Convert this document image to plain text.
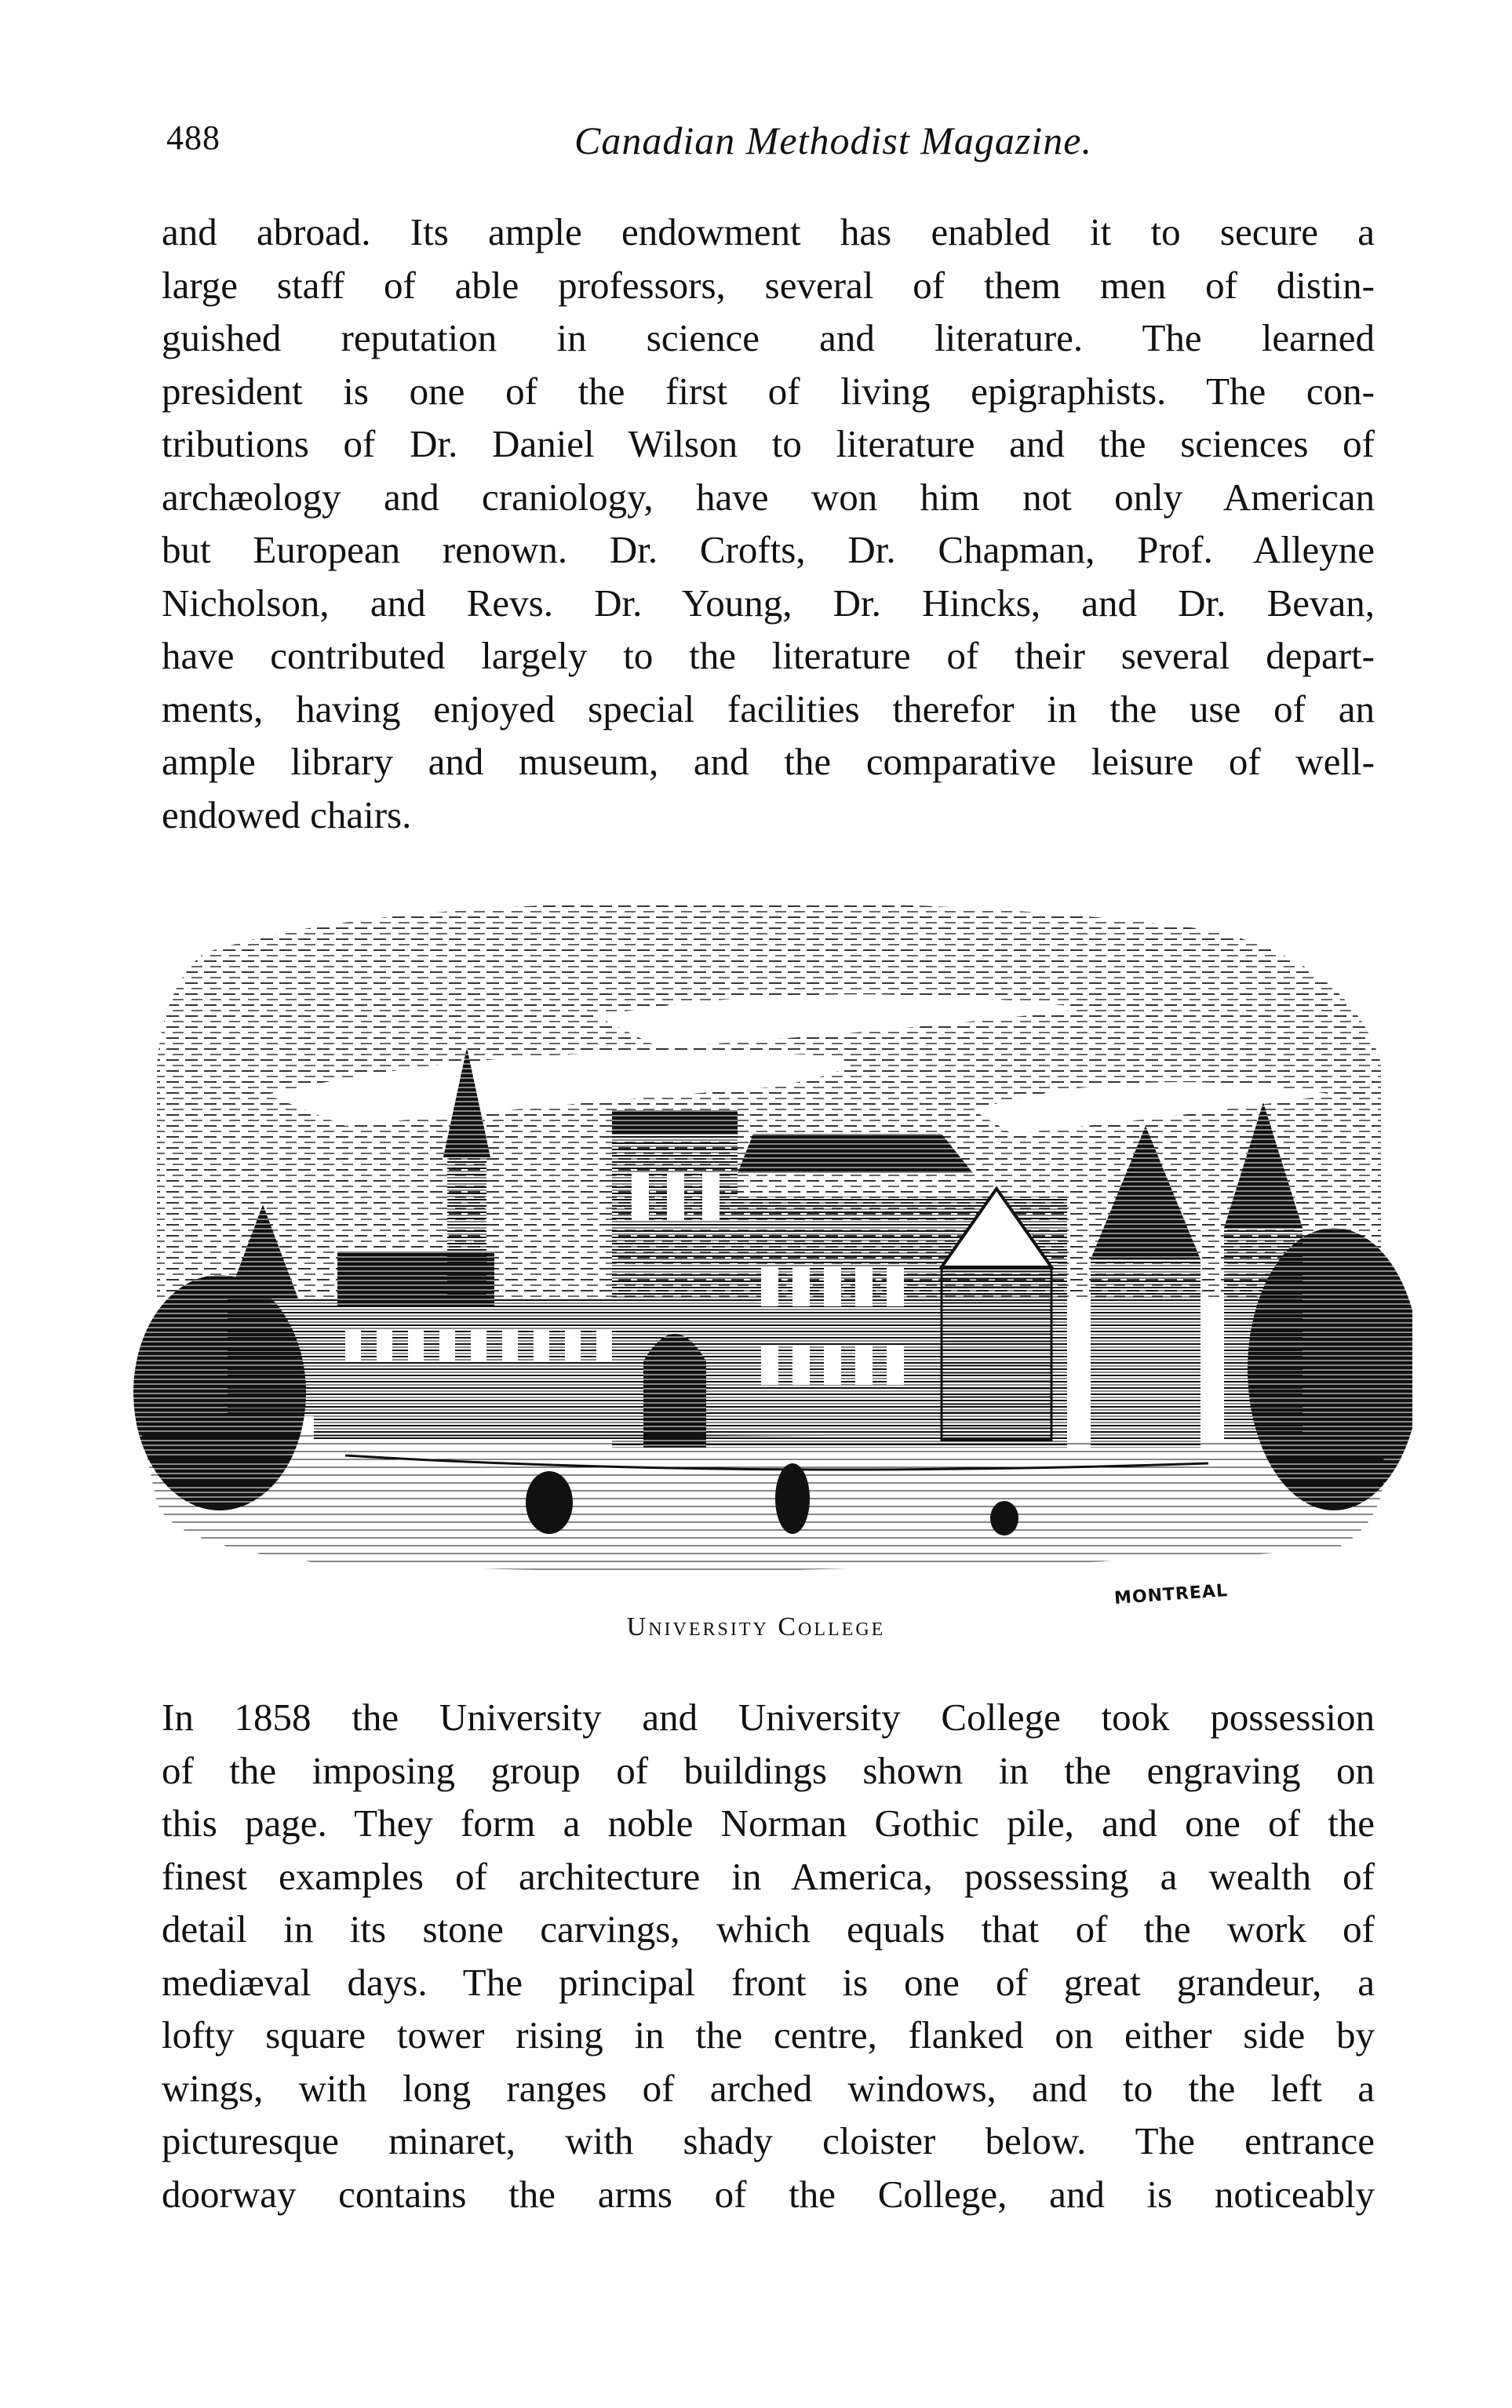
488	Canadian Methodist Magazine.

and abroad. Its ample endowment has enabled it to secure a
large staff of able professors, several of them men of distin-
guished reputation in science and literature. The learned
president is one of the first of living epigraphists. The con-
tributions of Dr. Daniel Wilson to literature and the sciences of
archæology and craniology, have won him not only American
but European renown. Dr. Crofts, Dr. Chapman, Prof. Alleyne
Nicholson, and Revs. Dr. Young, Dr. Hincks, and Dr. Bevan,
have contributed largely to the literature of their several depart-
ments, having enjoyed special facilities therefor in the use of an
ample library and museum, and the comparative leisure of well-
endowed chairs.

MONTREAL
University College

In 1858 the University and University College took possession
of the imposing group of buildings shown in the engraving on
this page. They form a noble Norman Gothic pile, and one of the
finest examples of architecture in America, possessing a wealth of
detail in its stone carvings, which equals that of the work of
mediæval days. The principal front is one of great grandeur, a
lofty square tower rising in the centre, flanked on either side by
wings, with long ranges of arched windows, and to the left a
picturesque minaret, with shady cloister below. The entrance
doorway contains the arms of the College, and is noticeably
